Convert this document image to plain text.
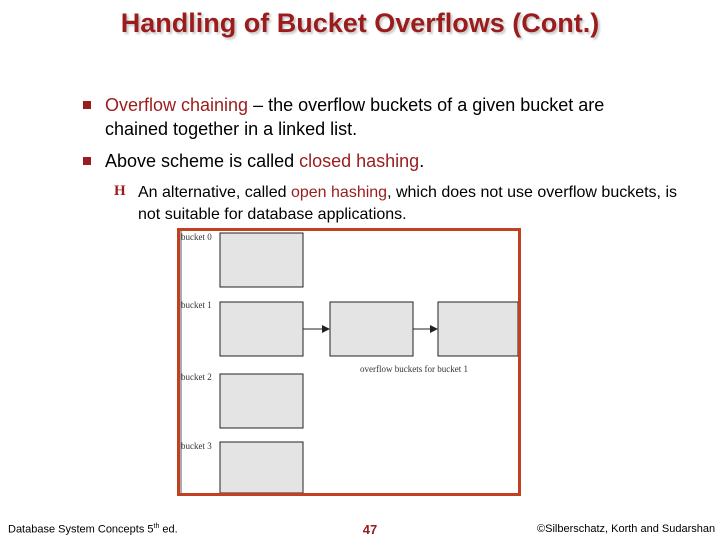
Handling of Bucket Overflows (Cont.)
Overflow chaining – the overflow buckets of a given bucket are
chained together in a linked list.
Above scheme is called closed hashing.
H An alternative, called open hashing, which does not use overflow buckets, is not suitable for database applications.
bucket 0
bucket 1
bucket 2
bucket 3
overflow buckets for bucket 1
Database System Concepts 5th ed.	47	©Silberschatz, Korth and Sudarshan
